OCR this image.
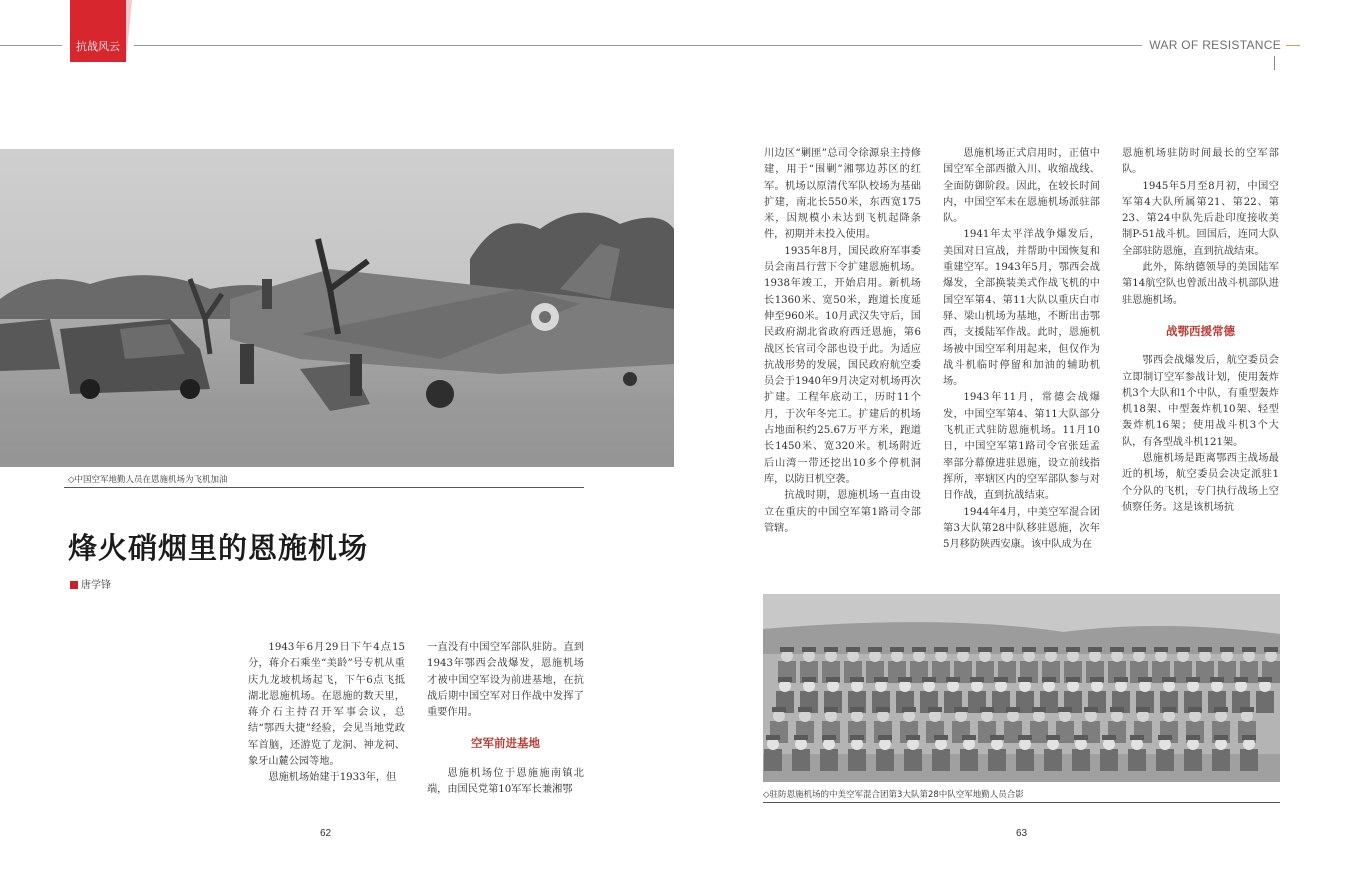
抗战风云	WAR OF RESISTANCE
◇中国空军地勤人员在恩施机场为飞机加油
烽火硝烟里的恩施机场
唐学锋

1943年6月29日下午4点15分，蒋介石乘坐“美龄”号专机从重庆九龙坡机场起飞，下午6点飞抵湖北恩施机场。在恩施的数天里，蒋介石主持召开军事会议，总结“鄂西大捷”经验，会见当地党政军首脑，还游览了龙洞、神龙祠、象牙山麓公园等地。

恩施机场始建于1933年，但

一直没有中国空军部队驻防。直到1943年鄂西会战爆发，恩施机场才被中国空军设为前进基地，在抗战后期中国空军对日作战中发挥了重要作用。

空军前进基地

恩施机场位于恩施施南镇北端，由国民党第10军军长兼湘鄂

川边区“剿匪”总司令徐源泉主持修建，用于“围剿”湘鄂边苏区的红军。机场以原清代军队校场为基础扩建，南北长550米，东西宽175米，因规模小未达到飞机起降条件，初期并未投入使用。

1935年8月，国民政府军事委员会南昌行营下令扩建恩施机场。1938年竣工，开始启用。新机场长1360米、宽50米，跑道长度延伸至960米。10月武汉失守后，国民政府湖北省政府西迁恩施，第6战区长官司令部也设于此。为适应抗战形势的发展，国民政府航空委员会于1940年9月决定对机场再次扩建。工程年底动工，历时11个月，于次年冬完工。扩建后的机场占地面积约25.67万平方米，跑道长1450米、宽320米。机场附近后山湾一带还挖出10多个停机洞库，以防日机空袭。

抗战时期，恩施机场一直由设立在重庆的中国空军第1路司令部管辖。

恩施机场正式启用时，正值中国空军全部西撤入川、收缩战线、全面防御阶段。因此，在较长时间内，中国空军未在恩施机场派驻部队。

1941年太平洋战争爆发后，美国对日宣战，并帮助中国恢复和重建空军。1943年5月，鄂西会战爆发，全部换装美式作战飞机的中国空军第4、第11大队以重庆白市驿、梁山机场为基地，不断出击鄂西，支援陆军作战。此时，恩施机场被中国空军利用起来，但仅作为战斗机临时停留和加油的辅助机场。

1943年11月，常德会战爆发，中国空军第4、第11大队部分飞机正式驻防恩施机场。11月10日，中国空军第1路司令官张廷孟率部分幕僚进驻恩施，设立前线指挥所，率辖区内的空军部队参与对日作战，直到抗战结束。

1944年4月，中美空军混合团第3大队第28中队移驻恩施，次年5月移防陕西安康。该中队成为在

恩施机场驻防时间最长的空军部队。

1945年5月至8月初，中国空军第4大队所属第21、第22、第23、第24中队先后赴印度接收美制P-51战斗机。回国后，连同大队全部驻防恩施，直到抗战结束。

此外，陈纳德领导的美国陆军第14航空队也曾派出战斗机部队进驻恩施机场。

战鄂西援常德

鄂西会战爆发后，航空委员会立即制订空军参战计划，使用轰炸机3个大队和1个中队，有重型轰炸机18架、中型轰炸机10架、轻型轰炸机16架；使用战斗机3个大队，有各型战斗机121架。

恩施机场是距离鄂西主战场最近的机场，航空委员会决定派驻1个分队的飞机，专门执行战场上空侦察任务。这是该机场抗

◇驻防恩施机场的中美空军混合团第3大队第28中队空军地勤人员合影
62	63
